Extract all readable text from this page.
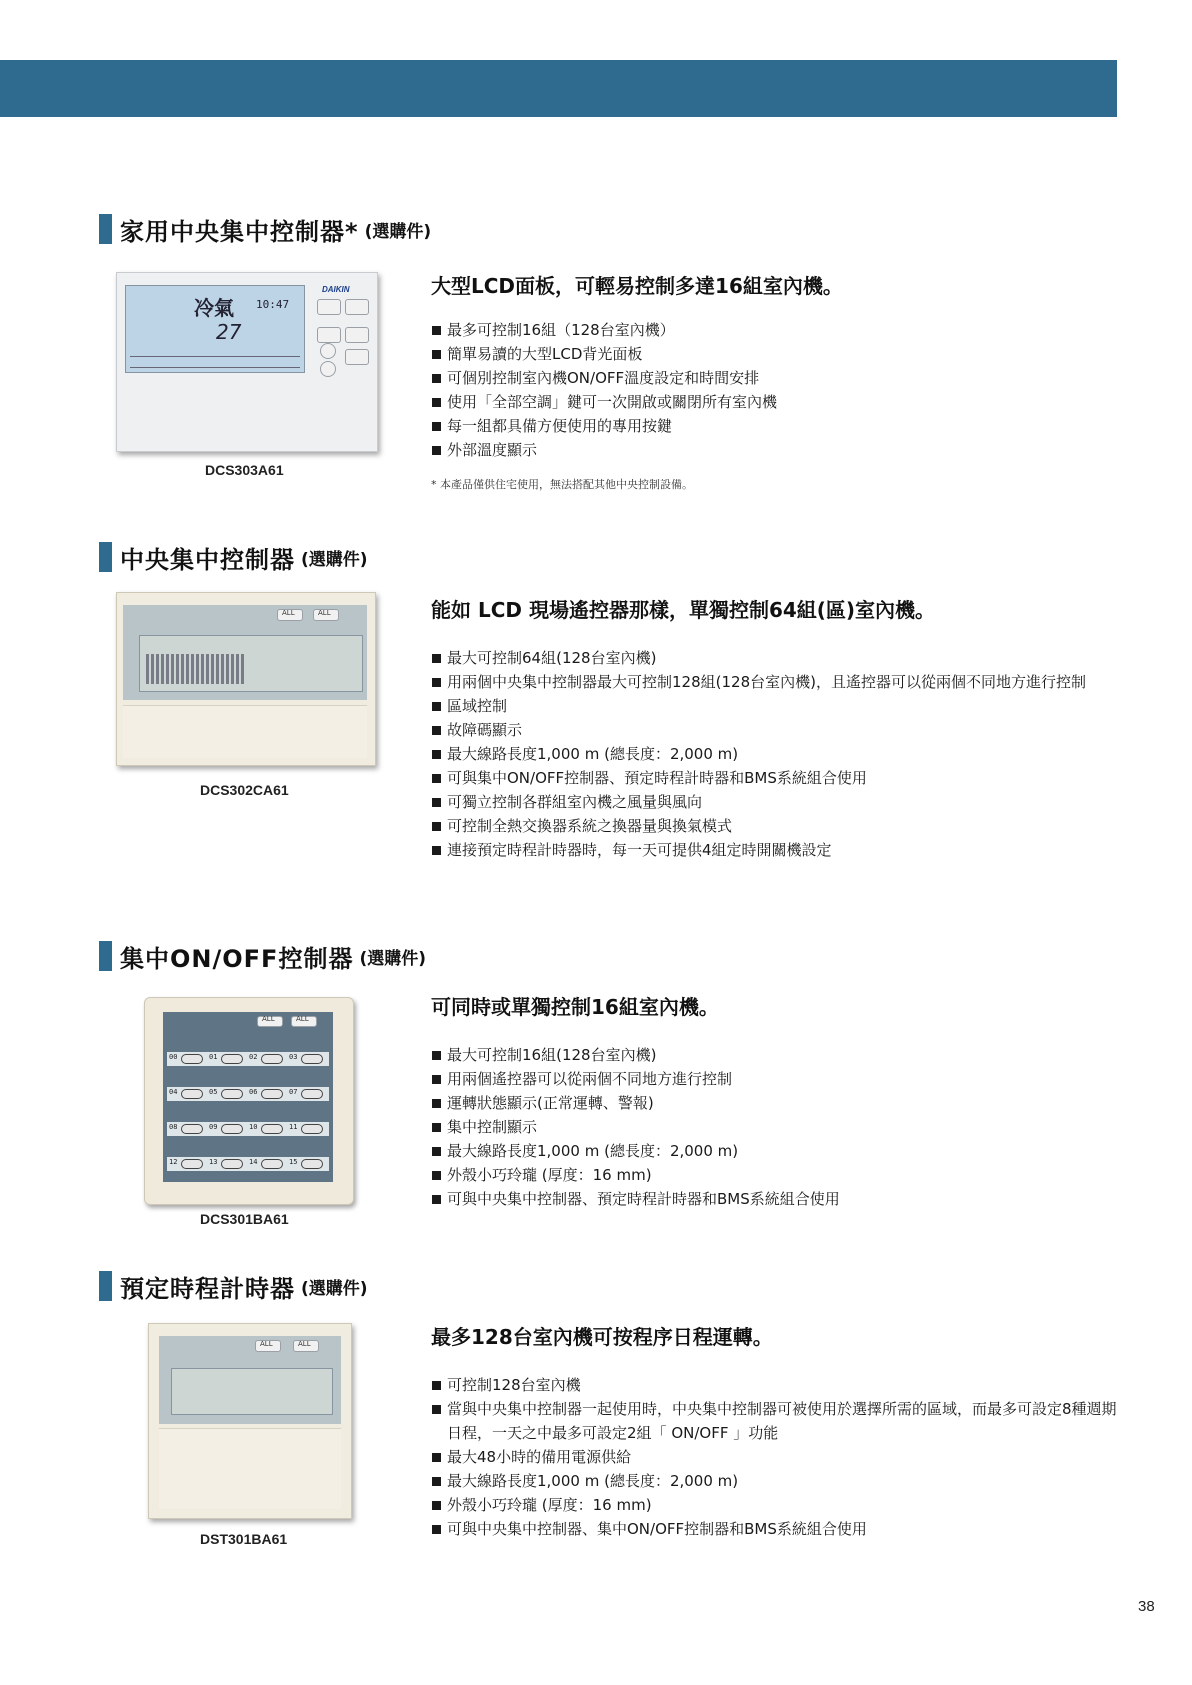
家用中央集中控制器* (選購件)
冷氣 10:47
27
DAIKIN
DCS303A61
大型LCD面板，可輕易控制多達16組室內機。
最多可控制16組（128台室內機）
簡單易讀的大型LCD背光面板
可個別控制室內機ON/OFF溫度設定和時間安排
使用「全部空調」鍵可一次開啟或關閉所有室內機
每一組都具備方便使用的專用按鍵
外部溫度顯示
* 本產品僅供住宅使用，無法搭配其他中央控制設備。
中央集中控制器 (選購件)
ALL	ALL
DCS302CA61
能如 LCD 現場遙控器那樣，單獨控制64組(區)室內機。
最大可控制64組(128台室內機)
用兩個中央集中控制器最大可控制128組(128台室內機)，且遙控器可以從兩個不同地方進行控制
區域控制
故障碼顯示
最大線路長度1,000 m (總長度：2,000 m)
可與集中ON/OFF控制器、預定時程計時器和BMS系統組合使用
可獨立控制各群組室內機之風量與風向
可控制全熱交換器系統之換器量與換氣模式
連接預定時程計時器時，每一天可提供4組定時開關機設定
集中ON/OFF控制器 (選購件)
ALL	ALL
00	01	02	03
04	05	06	07
08	09	10	11
12	13	14	15
DCS301BA61
可同時或單獨控制16組室內機。
最大可控制16組(128台室內機)
用兩個遙控器可以從兩個不同地方進行控制
運轉狀態顯示(正常運轉、警報)
集中控制顯示
最大線路長度1,000 m (總長度：2,000 m)
外殼小巧玲瓏 (厚度：16 mm)
可與中央集中控制器、預定時程計時器和BMS系統組合使用
預定時程計時器 (選購件)
ALL	ALL
DST301BA61
最多128台室內機可按程序日程運轉。
可控制128台室內機
當與中央集中控制器一起使用時，中央集中控制器可被使用於選擇所需的區域，而最多可設定8種週期日程，一天之中最多可設定2組「 ON/OFF 」功能
最大48小時的備用電源供給
最大線路長度1,000 m (總長度：2,000 m)
外殼小巧玲瓏 (厚度：16 mm)
可與中央集中控制器、集中ON/OFF控制器和BMS系統組合使用
38
